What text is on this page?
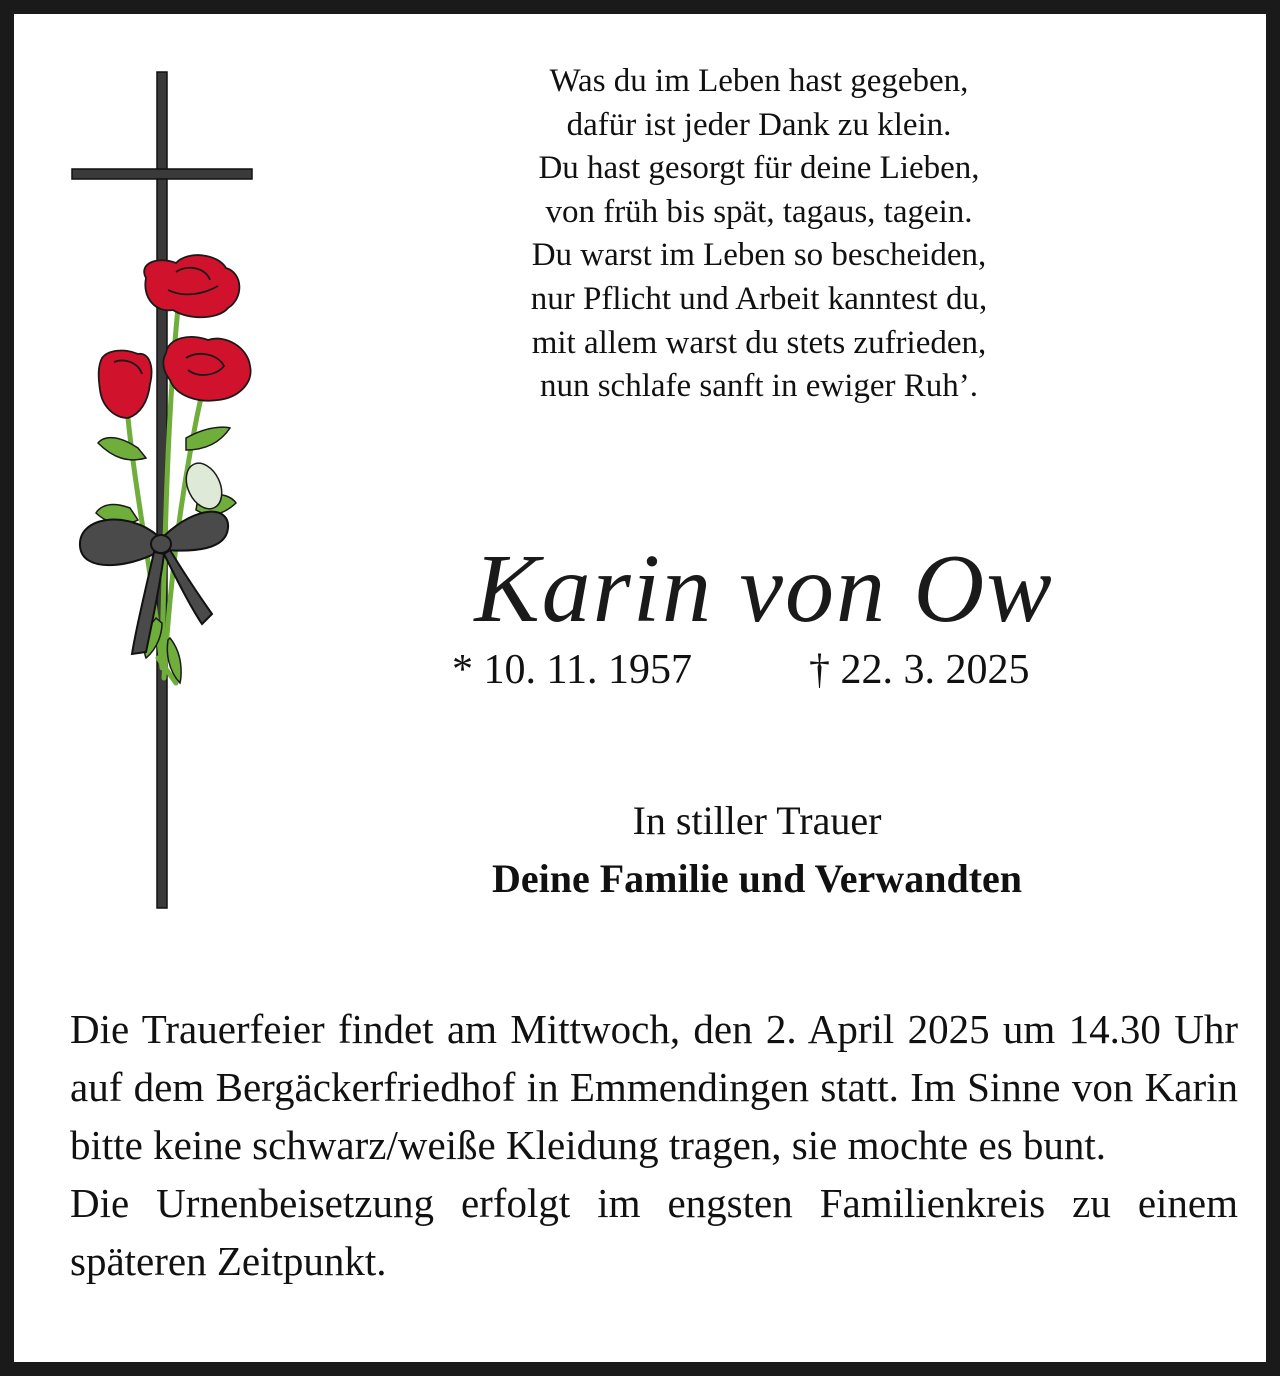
Was du im Leben hast gegeben,
dafür ist jeder Dank zu klein.
Du hast gesorgt für deine Lieben,
von früh bis spät, tagaus, tagein.
Du warst im Leben so bescheiden,
nur Pflicht und Arbeit kanntest du,
mit allem warst du stets zufrieden,
nun schlafe sanft in ewiger Ruh’.
Karin von Ow
* 10. 11. 1957	† 22. 3. 2025
In stiller Trauer
Deine Familie und Verwandten
Die Trauerfeier findet am Mittwoch, den 2. April 2025 um 14.30 Uhr auf dem Bergäckerfriedhof in Emmendingen statt. Im Sinne von Karin bitte keine schwarz/weiße Kleidung tragen, sie mochte es bunt.
Die Urnenbeisetzung erfolgt im engsten Familienkreis zu einem späteren Zeitpunkt.
